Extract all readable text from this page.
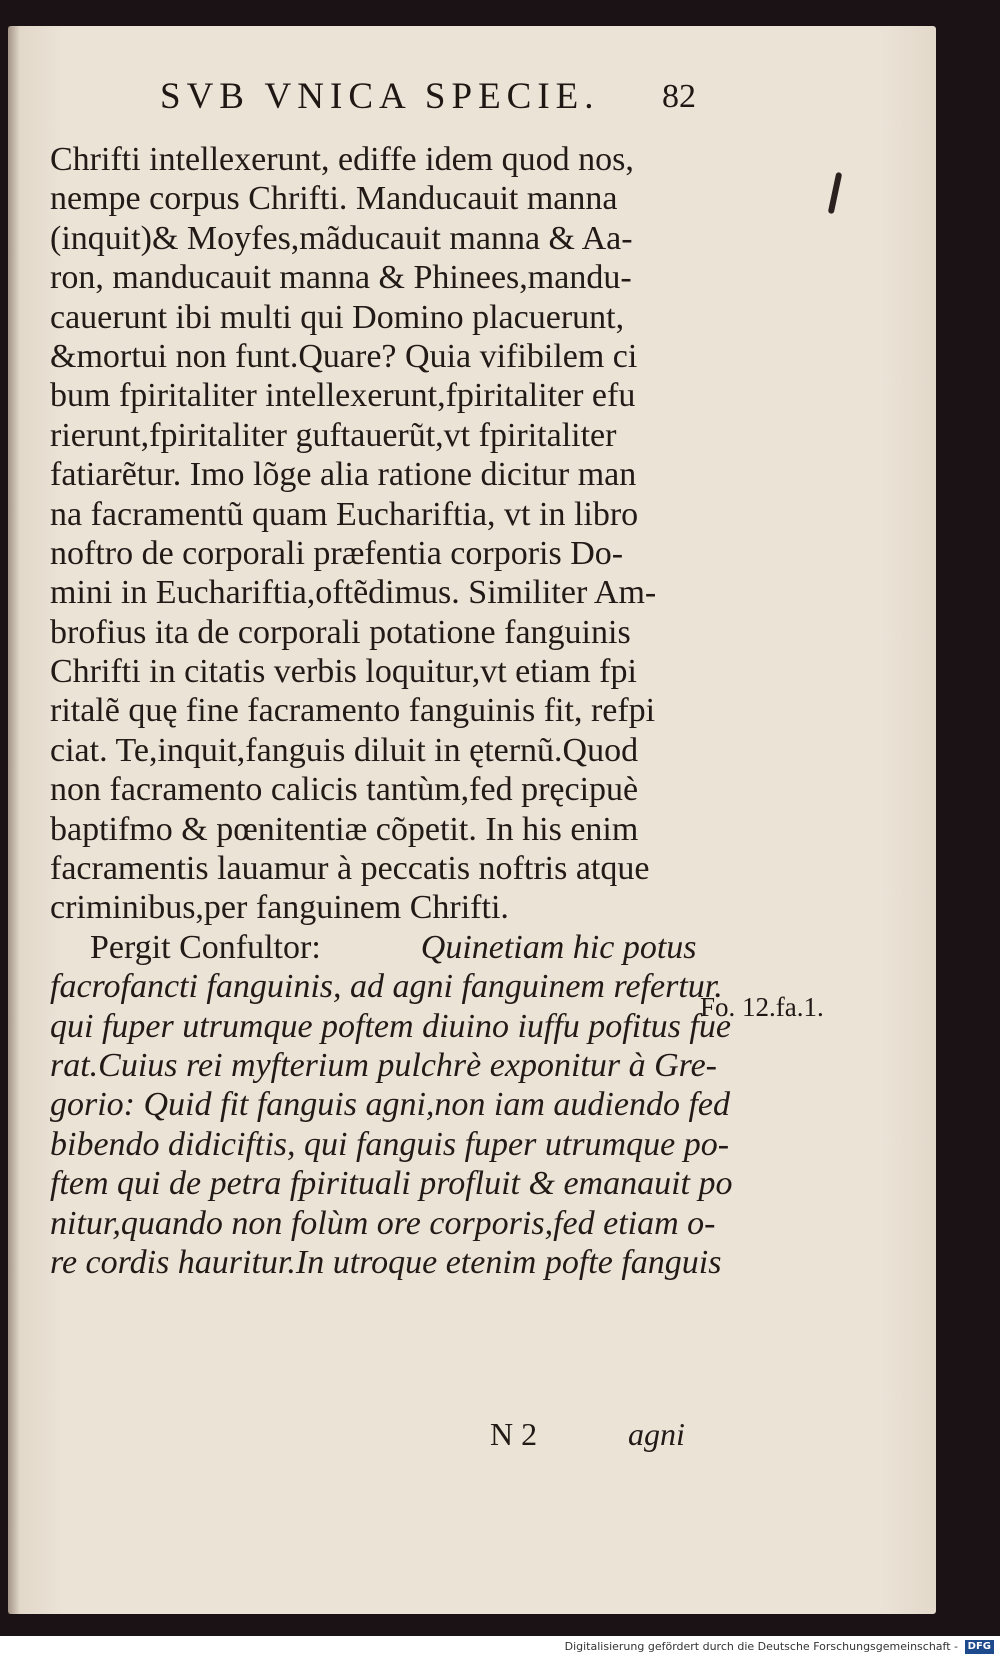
SVB VNICA SPECIE.	82
Chrifti intellexerunt, ediffe idem quod nos,
nempe corpus Chrifti. Manducauit manna
(inquit)& Moyfes,mãducauit manna & Aa-
ron, manducauit manna & Phinees,mandu-
cauerunt ibi multi qui Domino placuerunt,
&mortui non funt.Quare? Quia vifibilem ci
bum fpiritaliter intellexerunt,fpiritaliter efu
rierunt,fpiritaliter guftauerũt,vt fpiritaliter
fatiarẽtur. Imo lõge alia ratione dicitur man
na facramentũ quam Euchariftia, vt in libro
noftro de corporali præfentia corporis Do-
mini in Euchariftia,oftẽdimus. Similiter Am-
brofius ita de corporali potatione fanguinis
Chrifti in citatis verbis loquitur,vt etiam fpi
ritalẽ quę fine facramento fanguinis fit, refpi
ciat. Te,inquit,fanguis diluit in ęternũ.Quod
non facramento calicis tantùm,fed pręcipuè
baptifmo & pœnitentiæ cõpetit. In his enim
facramentis lauamur à peccatis noftris atque
criminibus,per fanguinem Chrifti.
Pergit Confultor:	Quinetiam hic potus
facrofancti fanguinis, ad agni fanguinem refertur.
qui fuper utrumque poftem diuino iuffu pofitus fue
rat.Cuius rei myfterium pulchrè exponitur à Gre-
gorio: Quid fit fanguis agni,non iam audiendo fed
bibendo didiciftis, qui fanguis fuper utrumque po-
ftem qui de petra fpirituali profluit & emanauit po
nitur,quando non folùm ore corporis,fed etiam o-
re cordis hauritur.In utroque etenim pofte fanguis
Fo. 12.fa.1.
N 2	agni
Digitalisierung gefördert durch die Deutsche Forschungsgemeinschaft - DFG
